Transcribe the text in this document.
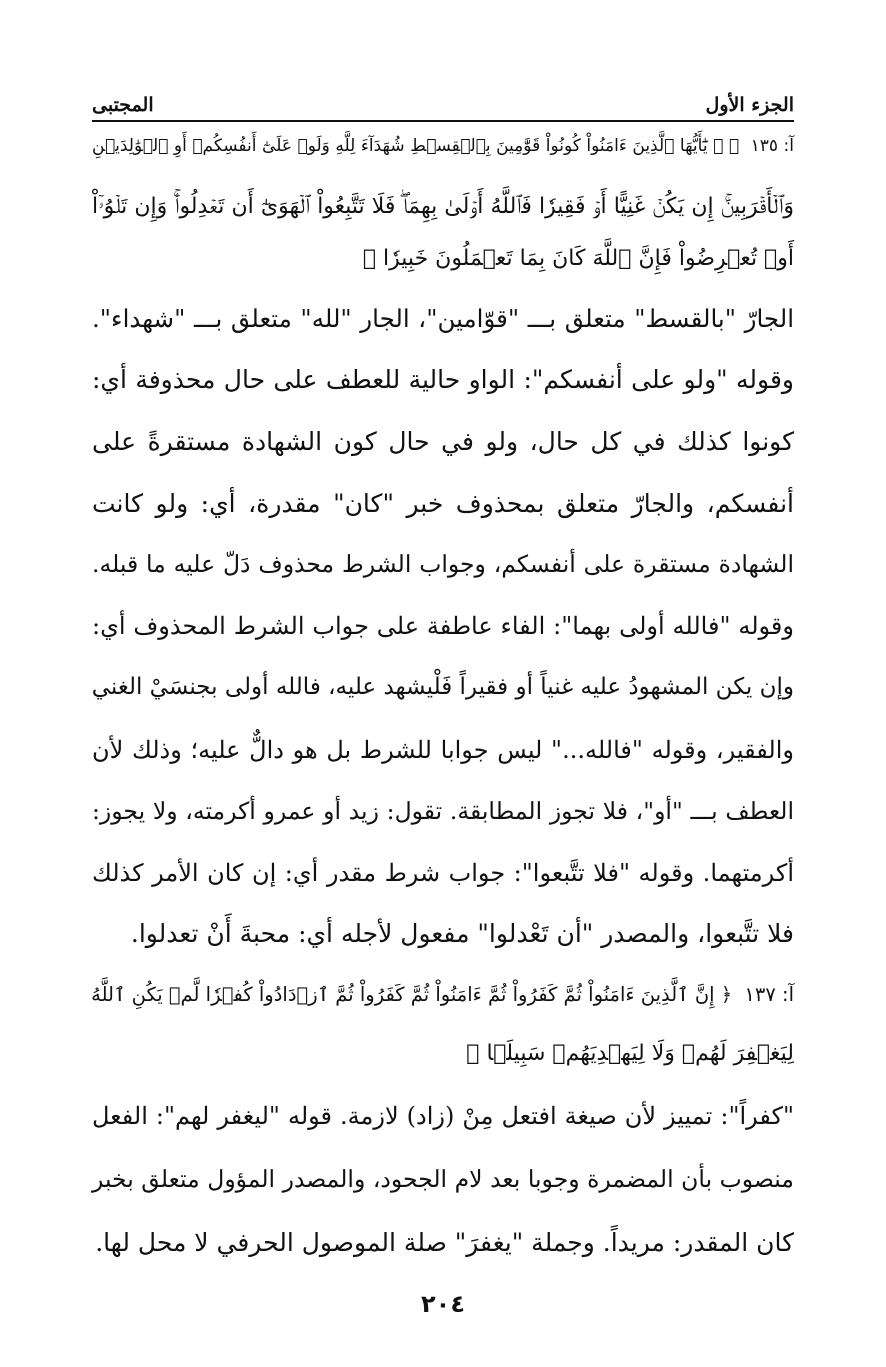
الجزء الأول
المجتبى
آ: ١٣٥ ﴿ ۞ يَٰٓأَيُّهَا ٱلَّذِينَ ءَامَنُواْ كُونُواْ قَوَّٰمِينَ بِٱلۡقِسۡطِ شُهَدَآءَ لِلَّهِ وَلَوۡ عَلَىٰٓ أَنفُسِكُمۡ أَوِ ٱلۡوَٰلِدَيۡنِ
وَٱلۡأَقۡرَبِينَۚ إِن يَكُنۡ غَنِيًّا أَوۡ فَقِيرٗا فَٱللَّهُ أَوۡلَىٰ بِهِمَاۖ فَلَا تَتَّبِعُواْ ٱلۡهَوَىٰٓ أَن تَعۡدِلُواْۚ وَإِن تَلۡوُۥٓاْ
أَوۡ تُعۡرِضُواْ فَإِنَّ ٱللَّهَ كَانَ بِمَا تَعۡمَلُونَ خَبِيرٗا ﴾
الجارّ "بالقسط" متعلق بـــ "قوّامين"، الجار "لله" متعلق بـــ "شهداء".
وقوله "ولو على أنفسكم": الواو حالية للعطف على حال محذوفة أي:
كونوا كذلك في كل حال، ولو في حال كون الشهادة مستقرةً على
أنفسكم، والجارّ متعلق بمحذوف خبر "كان" مقدرة، أي: ولو كانت
الشهادة مستقرة على أنفسكم، وجواب الشرط محذوف دَلّ عليه ما قبله.
وقوله "فالله أولى بهما": الفاء عاطفة على جواب الشرط المحذوف أي:
وإن يكن المشهودُ عليه غنياً أو فقيراً فَلْيشهد عليه، فالله أولى بجنسَيْ الغني
والفقير، وقوله "فالله..." ليس جوابا للشرط بل هو دالٌّ عليه؛ وذلك لأن
العطف بـــ "أو"، فلا تجوز المطابقة. تقول: زيد أو عمرو أكرمته، ولا يجوز:
أكرمتهما. وقوله "فلا تتَّبعوا": جواب شرط مقدر أي: إن كان الأمر كذلك
فلا تتَّبعوا، والمصدر "أن تَعْدلوا" مفعول لأجله أي: محبةَ أَنْ تعدلوا.
آ: ١٣٧ ﴿ إِنَّ ٱلَّذِينَ ءَامَنُواْ ثُمَّ كَفَرُواْ ثُمَّ ءَامَنُواْ ثُمَّ كَفَرُواْ ثُمَّ ٱزۡدَادُواْ كُفۡرٗا لَّمۡ يَكُنِ ٱللَّهُ
لِيَغۡفِرَ لَهُمۡ وَلَا لِيَهۡدِيَهُمۡ سَبِيلَۢا ﴾
"كفراً": تمييز لأن صيغة افتعل مِنْ (زاد) لازمة. قوله "ليغفر لهم": الفعل
منصوب بأن المضمرة وجوبا بعد لام الجحود، والمصدر المؤول متعلق بخبر
كان المقدر: مريداً. وجملة "يغفرَ" صلة الموصول الحرفي لا محل لها.
٢٠٤
